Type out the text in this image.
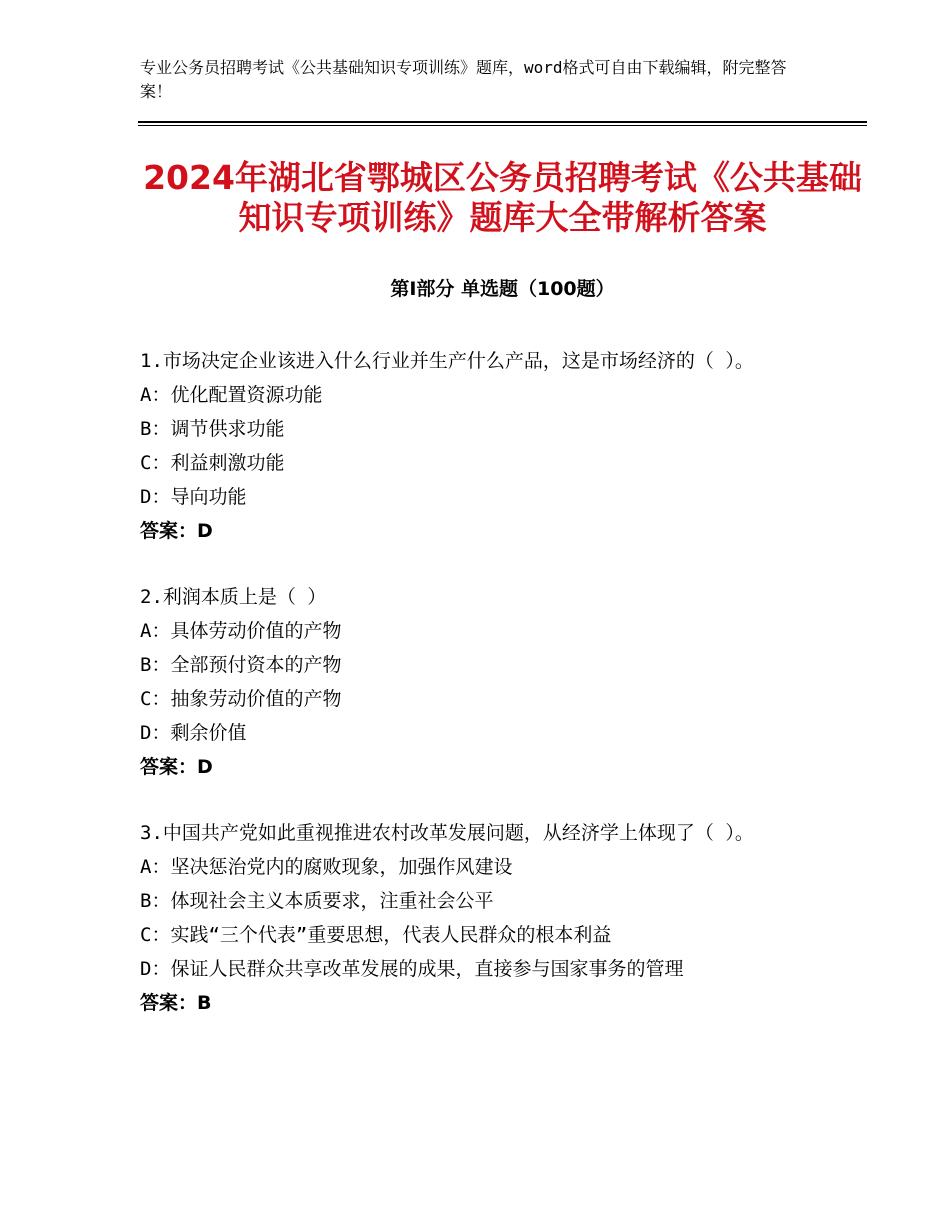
专业公务员招聘考试《公共基础知识专项训练》题库，word格式可自由下载编辑，附完整答案！
2024年湖北省鄂城区公务员招聘考试《公共基础知识专项训练》题库大全带解析答案
第Ⅰ部分 单选题（100题）

1.市场决定企业该进入什么行业并生产什么产品，这是市场经济的（ ）。

A：优化配置资源功能

B：调节供求功能

C：利益刺激功能

D：导向功能

答案：D

2.利润本质上是（ ）

A：具体劳动价值的产物

B：全部预付资本的产物

C：抽象劳动价值的产物

D：剩余价值

答案：D

3.中国共产党如此重视推进农村改革发展问题，从经济学上体现了（ ）。

A：坚决惩治党内的腐败现象，加强作风建设

B：体现社会主义本质要求，注重社会公平

C：实践“三个代表”重要思想，代表人民群众的根本利益

D：保证人民群众共享改革发展的成果，直接参与国家事务的管理

答案：B
